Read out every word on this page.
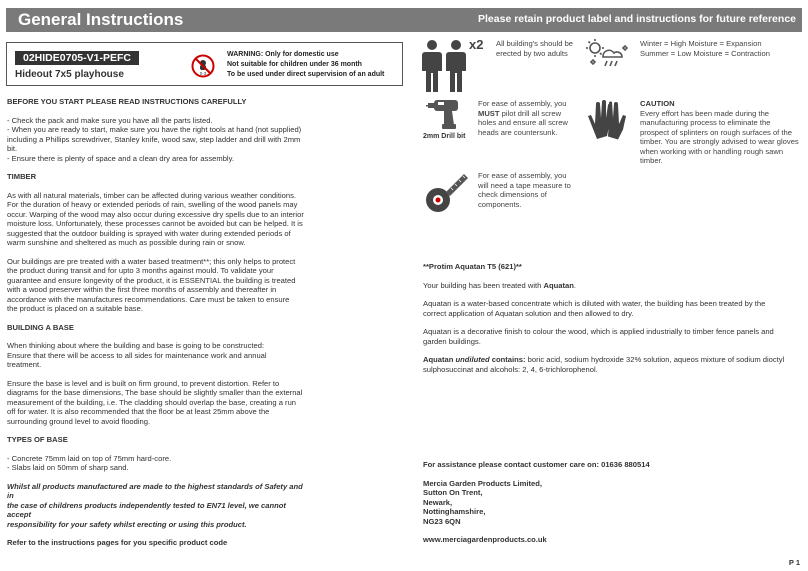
General Instructions	Please retain product label and instructions for future reference
02HIDE0705-V1-PEFC
Hideout 7x5 playhouse	0-3
WARNING: Only for domestic use
Not suitable for children under 36 month
To be used under direct supervision of an adult
BEFORE YOU START PLEASE READ INSTRUCTIONS CAREFULLY

- Check the pack and make sure you have all the parts listed.

- When you are ready to start, make sure you have the right tools at hand (not supplied)

including a Phillips screwdriver, Stanley knife, wood saw, step ladder and drill with 2mm

bit.

- Ensure there is plenty of space and a clean dry area for assembly.

TIMBER

As with all natural materials, timber can be affected during various weather conditions.

For the duration of heavy or extended periods of rain, swelling of the wood panels may

occur. Warping of the wood may also occur during excessive dry spells due to an interior

moisture loss. Unfortunately, these processes cannot be avoided but can be helped. It is

suggested that the outdoor building is sprayed with water during extended periods of

warm sunshine and sheltered as much as possible during rain or snow.

Our buildings are pre treated with a water based treatment**; this only helps to protect

the product during transit and for upto 3 months against mould. To validate your

guarantee and ensure longevity of the product, it is ESSENTIAL the building is treated

with a wood preserver within the first three months of assembly and thereafter in

accordance with the manufactures recommendations. Care must be taken to ensure

the product is placed on a suitable base.

BUILDING A BASE

When thinking about where the building and base is going to be constructed:

Ensure that there will be access to all sides for maintenance work and annual

treatment.

Ensure the base is level and is built on firm ground, to prevent distortion. Refer to

diagrams for the base dimensions, The base should be slightly smaller than the external

measurement of the building, i.e. The cladding should overlap the base, creating a run

off for water. It is also recommended that the floor be at least 25mm above the

surrounding ground level to avoid flooding.

TYPES OF BASE

- Concrete 75mm laid on top of 75mm hard-core.

- Slabs laid on 50mm of sharp sand.

Whilst all products manufactured are made to the highest standards of Safety and in

the case of childrens products independently tested to EN71 level, we cannot accept

responsibility for your safety whilst erecting or using this product.

Refer to the instructions pages for you specific product code

x2 All building's should be
erected by two adults
Winter = High Moisture = Expansion
Summer = Low Moisture = Contraction
2mm Drill bit
For ease of assembly, you
MUST pilot drill all screw
holes and ensure all screw
heads are countersunk.
CAUTION
Every effort has been made during the
manufacturing process to eliminate the
prospect of splinters on rough surfaces of the
timber. You are strongly advised to wear gloves
when working with or handling rough sawn
timber.
For ease of assembly, you
will need a tape measure to
check dimensions of
components.

**Protim Aquatan T5 (621)**

Your building has been treated with Aquatan.

Aquatan is a water-based concentrate which is diluted with water, the building has been treated by the

correct application of Aquatan solution and then allowed to dry.

Aquatan is a decorative finish to colour the wood, which is applied industrially to timber fence panels and

garden buildings.

Aquatan undiluted contains: boric acid, sodium hydroxide 32% solution, aqueos mixture of sodium dioctyl

sulphosuccinat and alcohols: 2, 4, 6-trichlorophenol.

For assistance please contact customer care on: 01636 880514

Mercia Garden Products Limited,

Sutton On Trent,

Newark,

Nottinghamshire,

NG23 6QN

www.merciagardenproducts.co.uk

P 1
